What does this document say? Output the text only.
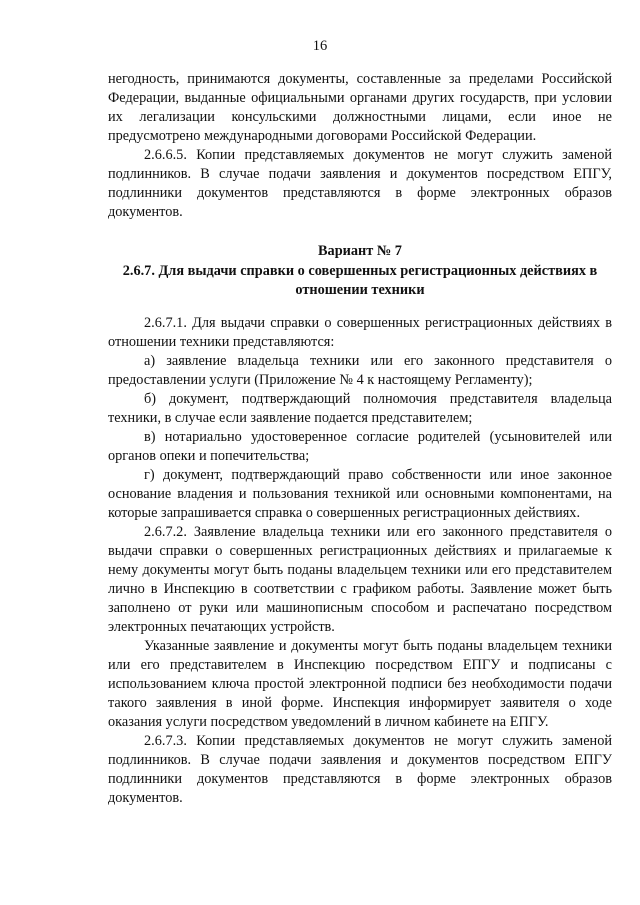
16

негодность, принимаются документы, составленные за пределами Российской Федерации, выданные официальными органами других государств, при условии их легализации консульскими должностными лицами, если иное не предусмотрено международными договорами Российской Федерации.

2.6.6.5. Копии представляемых документов не могут служить заменой подлинников. В случае подачи заявления и документов посредством ЕПГУ, подлинники документов представляются в форме электронных образов документов.

Вариант № 7

2.6.7. Для выдачи справки о совершенных регистрационных действиях в отношении техники

2.6.7.1. Для выдачи справки о совершенных регистрационных действиях в отношении техники представляются:

а) заявление владельца техники или его законного представителя о предоставлении услуги (Приложение № 4 к настоящему Регламенту);

б) документ, подтверждающий полномочия представителя владельца техники, в случае если заявление подается представителем;

в) нотариально удостоверенное согласие родителей (усыновителей или органов опеки и попечительства;

г) документ, подтверждающий право собственности или иное законное основание владения и пользования техникой или основными компонентами, на которые запрашивается справка о совершенных регистрационных действиях.

2.6.7.2. Заявление владельца техники или его законного представителя о выдачи справки о совершенных регистрационных действиях и прилагаемые к нему документы могут быть поданы владельцем техники или его представителем лично в Инспекцию в соответствии с графиком работы. Заявление может быть заполнено от руки или машинописным способом и распечатано посредством электронных печатающих устройств.

Указанные заявление и документы могут быть поданы владельцем техники или его представителем в Инспекцию посредством ЕПГУ и подписаны с использованием ключа простой электронной подписи без необходимости подачи такого заявления в иной форме. Инспекция информирует заявителя о ходе оказания услуги посредством уведомлений в личном кабинете на ЕПГУ.

2.6.7.3. Копии представляемых документов не могут служить заменой подлинников. В случае подачи заявления и документов посредством ЕПГУ подлинники документов представляются в форме электронных образов документов.
